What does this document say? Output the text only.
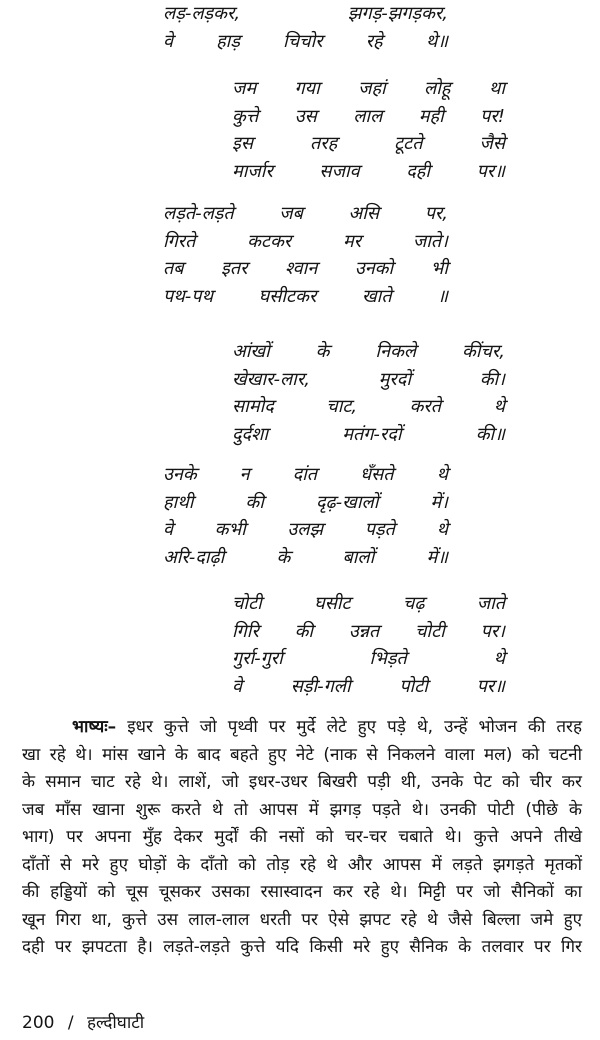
लड़-लड़कर, झगड़-झगड़कर,
वे हाड़ चिचोर रहे थे॥
जम गया जहां लोहू था
कुत्ते उस लाल मही पर!
इस तरह टूटते जैसे
मार्जार सजाव दही पर॥
लड़ते-लड़ते जब असि पर,
गिरते कटकर मर जाते।
तब इतर श्वान उनको भी
पथ-पथ घसीटकर खाते ॥
आंखों के निकले कींचर,
खेखार-लार, मुरदों की।
सामोद चाट, करते थे
दुर्दशा मतंग-रदों की॥
उनके न दांत धँसते थे
हाथी की दृढ़-खालों में।
वे कभी उलझ पड़ते थे
अरि-दाढ़ी के बालों में॥
चोटी घसीट चढ़ जाते
गिरि की उन्नत चोटी पर।
गुर्रा-गुर्रा भिड़ते थे
वे सड़ी-गली पोटी पर॥
भाष्यः– इधर कुत्ते जो पृथ्वी पर मुर्दे लेटे हुए पड़े थे, उन्हें भोजन की तरह
खा रहे थे। मांस खाने के बाद बहते हुए नेटे (नाक से निकलने वाला मल) को चटनी
के समान चाट रहे थे। लाशें, जो इधर-उधर बिखरी पड़ी थी, उनके पेट को चीर कर
जब माँस खाना शुरू करते थे तो आपस में झगड़ पड़ते थे। उनकी पोटी (पीछे के
भाग) पर अपना मुँह देकर मुर्दों की नसों को चर-चर चबाते थे। कुत्ते अपने तीखे
दाँतों से मरे हुए घोड़ों के दाँतो को तोड़ रहे थे और आपस में लड़ते झगड़ते मृतकों
की हड्डियों को चूस चूसकर उसका रसास्वादन कर रहे थे। मिट्टी पर जो सैनिकों का
खून गिरा था, कुत्ते उस लाल-लाल धरती पर ऐसे झपट रहे थे जैसे बिल्ला जमे हुए
दही पर झपटता है। लड़ते-लड़ते कुत्ते यदि किसी मरे हुए सैनिक के तलवार पर गिर
200 / हल्दीघाटी
